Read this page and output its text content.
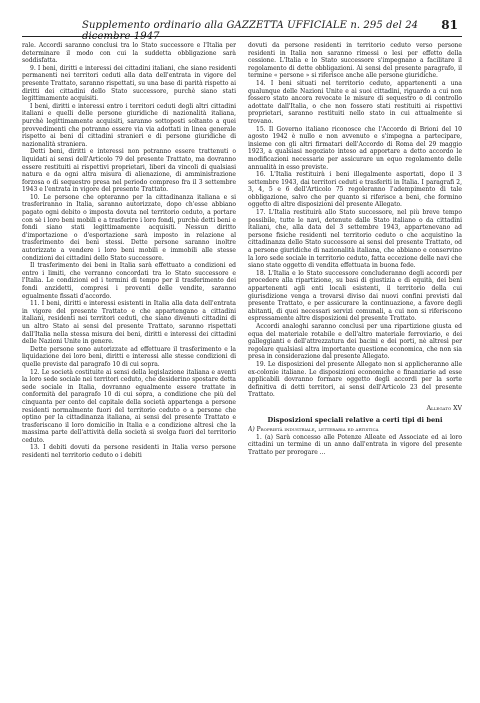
Supplemento ordinario alla GAZZETTA UFFICIALE n. 295 del 24 dicembre 1947
81

rale. Accordi saranno conclusi tra lo Stato successore e l'Italia per determinare il modo con cui la suddetta obbligazione sarà soddisfatta.

9. I beni, diritti e interessi dei cittadini italiani, che siano residenti permanenti nei territori ceduti alla data dell'entrata in vigore del presente Trattato, saranno rispettati, su una base di parità rispetto ai diritti dei cittadini dello Stato successore, purchè siano stati legittimamente acquisiti.

I beni, diritti e interessi entro i territori ceduti degli altri cittadini italiani e quelli delle persone giuridiche di nazionalità italiana, purchè legittimamente acquisiti, saranno sottoposti soltanto a quei provvedimenti che potranno essere via via adottati in linea generale rispetto ai beni di cittadini stranieri e di persone giuridiche di nazionalità straniera.

Detti beni, diritti e interessi non potranno essere trattenuti o liquidati ai sensi dell'Articolo 79 del presente Trattato, ma dovranno essere restituiti ai rispettivi proprietari, liberi da vincoli di qualsiasi natura e da ogni altra misura di alienazione, di amministrazione forzosa o di sequestro presa nel periodo compreso fra il 3 settembre 1943 e l'entrata in vigore del presente Trattato.

10. Le persone che opteranno per la cittadinanza italiana e si trasferiranno in Italia, saranno autorizzate, dopo ch'esse abbiano pagato ogni debito o imposta dovuta nel territorio ceduto, a portare con sè i loro beni mobili e a trasferire i loro fondi, purchè detti beni e fondi siano stati legittimamente acquisiti. Nessun diritto d'importazione o d'esportazione sarà imposto in relazione al trasferimento dei beni stessi. Dette persone saranno inoltre autorizzate a vendere i loro beni mobili e immobili alle stesse condizioni dei cittadini dello Stato successore.

Il trasferimento dei beni in Italia sarà effettuato a condizioni ed entro i limiti, che verranno concordati tra lo Stato successore e l'Italia. Le condizioni ed i termini di tempo per il trasferimento dei fondi anzidetti, compresi i proventi delle vendite, saranno egualmente fissati d'accordo.

11. I beni, diritti e interessi esistenti in Italia alla data dell'entrata in vigore del presente Trattato e che appartengano a cittadini italiani, residenti nei territori ceduti, che siano divenuti cittadini di un altro Stato ai sensi del presente Trattato, saranno rispettati dall'Italia nella stessa misura dei beni, diritti e interessi dei cittadini delle Nazioni Unite in genere.

Dette persone sono autorizzate ad effettuare il trasferimento e la liquidazione dei loro beni, diritti e interessi alle stesse condizioni di quelle previste dal paragrafo 10 di cui sopra.

12. Le società costituite ai sensi della legislazione italiana e aventi la loro sede sociale nei territori ceduto, che desiderino spostare detta sede sociale in Italia, dovranno egualmente essere trattate in conformità del paragrafo 10 di cui sopra, a condizione che più del cinquanta per cento del capitale della società appartenga a persone residenti normalmente fuori del territorio ceduto o a persone che optino per la cittadinanza italiana, ai sensi del presente Trattato e trasferiscano il loro domicilio in Italia e a condizione altresì che la massima parte dell'attività della società si svolga fuori del territorio ceduto.

13. I debiti dovuti da persone residenti in Italia verso persone residenti nel territorio ceduto o i debiti

dovuti da persone residenti in territorio ceduto verso persone residenti in Italia non saranno rimessi o lesi per effetto della cessione. L'Italia e lo Stato successore s'impegnano a facilitare il regolamento di dette obbligazioni. Ai sensi del presente paragrafo, il termine « persone » si riferisce anche alle persone giuridiche.

14. I beni situati nel territorio ceduto, appartenenti a una qualunque delle Nazioni Unite e ai suoi cittadini, riguardo a cui non fossero stato ancora revocate le misure di sequestro o di controllo adottate dall'Italia, o che non fossero stati restituiti ai rispettivi proprietari, saranno restituiti nello stato in cui attualmente si trovano.

15. Il Governo italiano riconosce che l'Accordo di Brioni del 10 agosto 1942 è nullo e non avvenuto e s'impegna a partecipare, insieme con gli altri firmatari dell'Accordo di Roma del 29 maggio 1923, a qualsiasi negoziato inteso ad apportare a detto accordo le modificazioni necessarie per assicurare un equo regolamento delle annualità in esso previste.

16. L'Italia restituirà i beni illegalmente asportati, dopo il 3 settembre 1943, dai territori ceduti e trasferiti in Italia. I paragrafi 2, 3, 4, 5 e 6 dell'Articolo 75 regoleranno l'adempimento di tale obbligazione, salvo che per quanto si riferisce a beni, che formino oggetto di altre disposizioni del presente Allegato.

17. L'Italia restituirà allo Stato successore, nel più breve tempo possibile, tutte le navi, detenute dalle Stato italiano o da cittadini italiani, che, alla data del 3 settembre 1943, appartenevano ad persone fisiche residenti nel territorio ceduto o che acquistino la cittadinanza dello Stato successore ai sensi del presente Trattato, od a persone giuridiche di nazionalità italiana, che abbiano e conservino la loro sede sociale in territorio ceduto, fatta eccezione delle navi che siano state oggetto di vendita effettuata in buona fede.

18. L'Italia e lo Stato successore concluderanno degli accordi per procedere alla ripartizione, su basi di giustizia e di equità, dei beni appartenenti agli enti locali esistenti, il territorio della cui giurisdizione venga a trovarsi diviso dai nuovi confini previsti dal presente Trattato, e per assicurare la continuazione, a favore degli abitanti, di quei necessari servizi comunali, a cui non si riferiscono espressamente altre disposizioni del presente Trattato.

Accordi analoghi saranno conclusi per una ripartizione giusta ed equa del materiale rotabile e dell'altro materiale ferroviario, e dei galleggianti e dell'attrezzatura dei bacini e dei porti, nè altresì per regolare qualsiasi altra importante questione economica, che non sia presa in considerazione dal presente Allegato.

19. Le disposizioni del presente Allegato non si applicheranno alle ex-colonie italiane. Le disposizioni economiche e finanziarie ad esse applicabili dovranno formare oggetto degli accordi per la sorte definitiva di detti territori, ai sensi dell'Articolo 23 del presente Trattato.

Allegato XV
Disposizioni speciali relative a certi tipi di beni
A) Proprietà industriale, letteraria ed artistica

1. (a) Sarà concesso alle Potenze Alleate ed Associate ed ai loro cittadini un termine di un anno dall'entrata in vigore del presente Trattato per prorogare ...
